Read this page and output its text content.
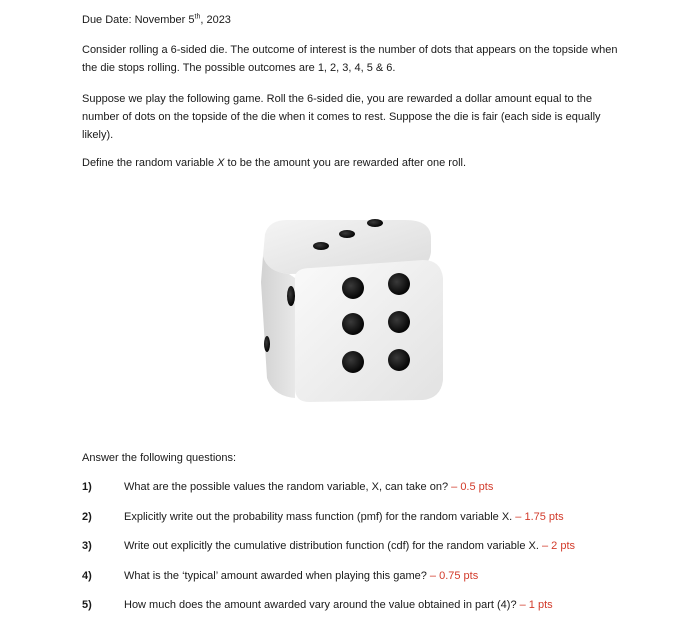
Due Date: November 5th, 2023

Consider rolling a 6-sided die. The outcome of interest is the number of dots that appears on the topside when the die stops rolling. The possible outcomes are 1, 2, 3, 4, 5 & 6.

Suppose we play the following game. Roll the 6-sided die, you are rewarded a dollar amount equal to the number of dots on the topside of the die when it comes to rest. Suppose the die is fair (each side is equally likely).

Define the random variable X to be the amount you are rewarded after one roll.

Answer the following questions:

1)	What are the possible values the random variable, X, can take on? – 0.5 pts
2)	Explicitly write out the probability mass function (pmf) for the random variable X. – 1.75 pts
3)	Write out explicitly the cumulative distribution function (cdf) for the random variable X. – 2 pts
4)	What is the ‘typical’ amount awarded when playing this game? – 0.75 pts
5)	How much does the amount awarded vary around the value obtained in part (4)? – 1 pts
